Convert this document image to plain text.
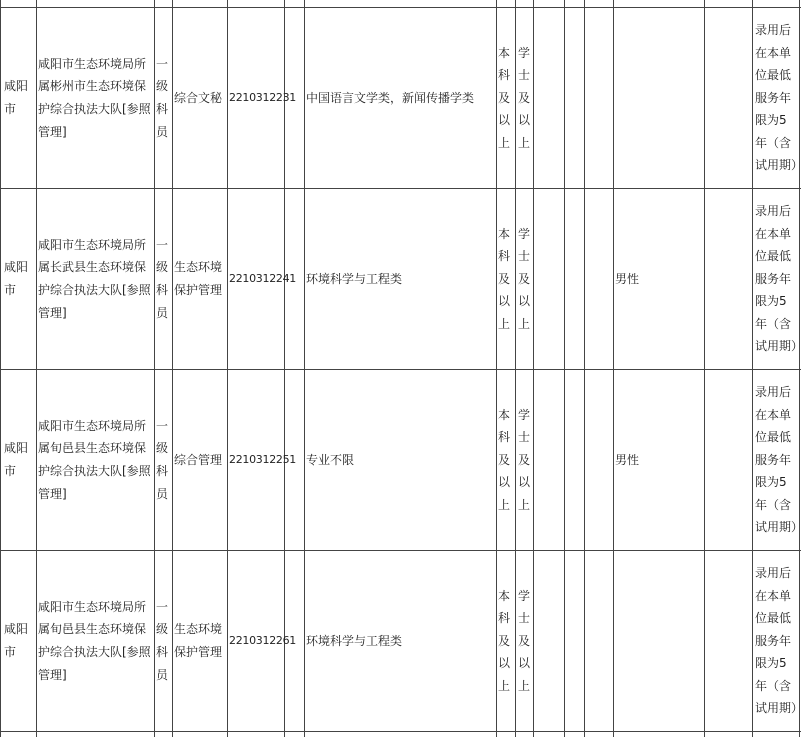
咸阳市
咸阳市生态环境局所属彬州市生态环境保护综合执法大队[参照管理]
一级科员
综合文秘 2210312231 中国语言文学类，新闻传播学类
本科及以上
学士及以上
录用后在本单位最低服务年限为5年（含试用期）
咸阳市
咸阳市生态环境局所属长武县生态环境保护综合执法大队[参照管理]
一级科员
生态环境保护管理
2210312241 环境科学与工程类
本科及以上
学士及以上
男性
录用后在本单位最低服务年限为5年（含试用期）
咸阳市
咸阳市生态环境局所属旬邑县生态环境保护综合执法大队[参照管理]
一级科员
综合管理 2210312251 专业不限
本科及以上
学士及以上
男性
录用后在本单位最低服务年限为5年（含试用期）
咸阳市
咸阳市生态环境局所属旬邑县生态环境保护综合执法大队[参照管理]
一级科员
生态环境保护管理
2210312261 环境科学与工程类
本科及以上
学士及以上
录用后在本单位最低服务年限为5年（含试用期）
